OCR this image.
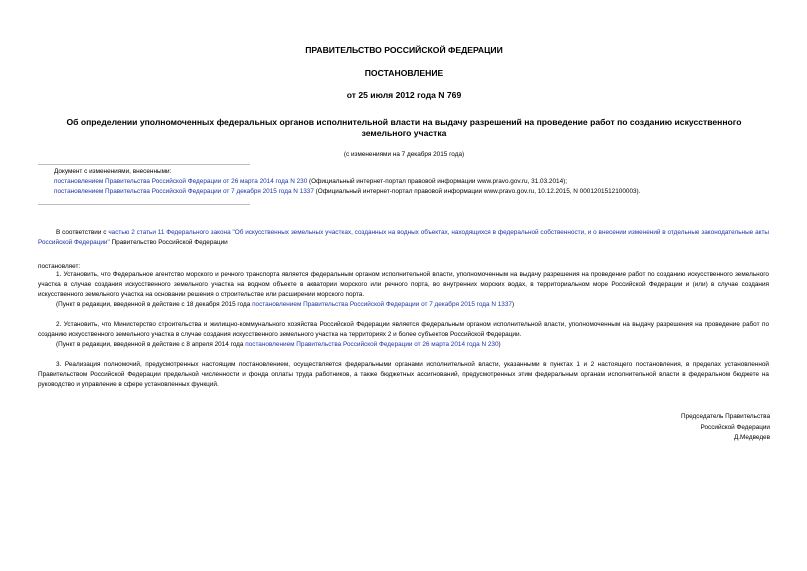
ПРАВИТЕЛЬСТВО РОССИЙСКОЙ ФЕДЕРАЦИИ
ПОСТАНОВЛЕНИЕ
от 25 июля 2012 года N 769
Об определении уполномоченных федеральных органов исполнительной власти на выдачу разрешений на проведение работ по созданию искусственного
земельного участка
(с изменениями на 7 декабря 2015 года)
Документ с изменениями, внесенными:
постановлением Правительства Российской Федерации от 26 марта 2014 года N 230 (Официальный интернет-портал правовой информации www.pravo.gov.ru, 31.03.2014);
постановлением Правительства Российской Федерации от 7 декабря 2015 года N 1337 (Официальный интернет-портал правовой информации www.pravo.gov.ru, 10.12.2015, N 0001201512100003).
В соответствии с частью 2 статьи 11 Федерального закона "Об искусственных земельных участках, созданных на водных объектах, находящихся в федеральной собственности, и о внесении изменений в отдельные законодательные акты Российской Федерации" Правительство Российской Федерации
постановляет:
1. Установить, что Федеральное агентство морского и речного транспорта является федеральным органом исполнительной власти, уполномоченным на выдачу разрешения на проведение работ по созданию искусственного земельного участка в случае создания искусственного земельного участка на водном объекте в акватории морского или речного порта, во внутренних морских водах, в территориальном море Российской Федерации и (или) в случае создания искусственного земельного участка на основании решения о строительстве или расширении морского порта.
(Пункт в редакции, введенной в действие с 18 декабря 2015 года постановлением Правительства Российской Федерации от 7 декабря 2015 года N 1337)
2. Установить, что Министерство строительства и жилищно-коммунального хозяйства Российской Федерации является федеральным органом исполнительной власти, уполномоченным на выдачу разрешения на проведение работ по созданию искусственного земельного участка в случае создания искусственного земельного участка на территориях 2 и более субъектов Российской Федерации.
(Пункт в редакции, введенной в действие с 8 апреля 2014 года постановлением Правительства Российской Федерации от 26 марта 2014 года N 230)
3. Реализация полномочий, предусмотренных настоящим постановлением, осуществляется федеральными органами исполнительной власти, указанными в пунктах 1 и 2 настоящего постановления, в пределах установленной Правительством Российской Федерации предельной численности и фонда оплаты труда работников, а также бюджетных ассигнований, предусмотренных этим федеральным органам исполнительной власти в федеральном бюджете на руководство и управление в сфере установленных функций.
Председатель Правительства
Российской Федерации
Д.Медведев
